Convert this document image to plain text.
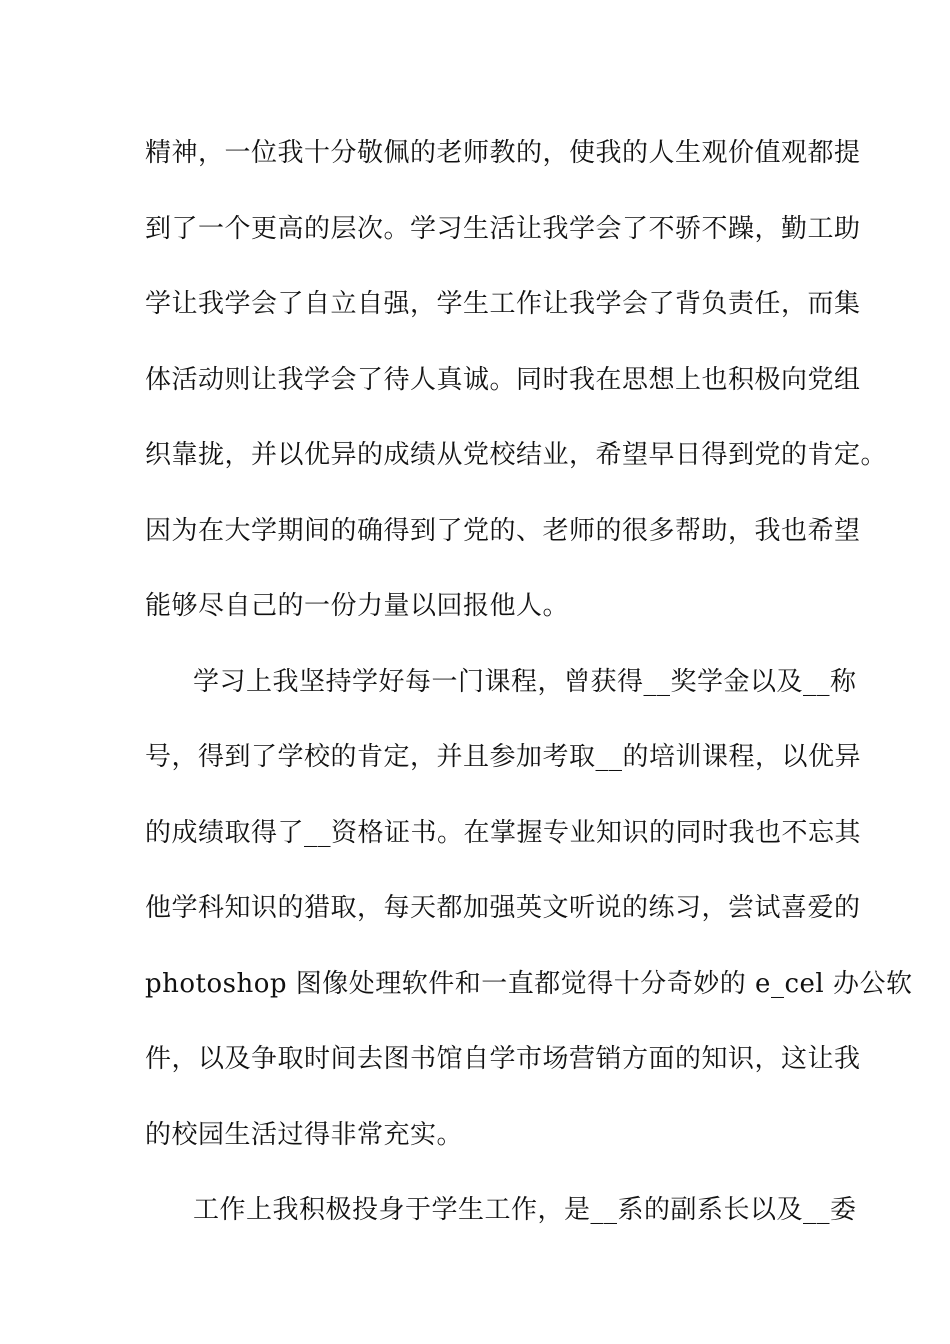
精神，一位我十分敬佩的老师教的，使我的人生观价值观都提
到了一个更高的层次。学习生活让我学会了不骄不躁，勤工助
学让我学会了自立自强，学生工作让我学会了背负责任，而集
体活动则让我学会了待人真诚。同时我在思想上也积极向党组
织靠拢，并以优异的成绩从党校结业，希望早日得到党的肯定。
因为在大学期间的确得到了党的、老师的很多帮助，我也希望
能够尽自己的一份力量以回报他人。
学习上我坚持学好每一门课程，曾获得__奖学金以及__称
号，得到了学校的肯定，并且参加考取__的培训课程，以优异
的成绩取得了__资格证书。在掌握专业知识的同时我也不忘其
他学科知识的猎取，每天都加强英文听说的练习，尝试喜爱的
photoshop 图像处理软件和一直都觉得十分奇妙的 e_cel 办公软
件，以及争取时间去图书馆自学市场营销方面的知识，这让我
的校园生活过得非常充实。
工作上我积极投身于学生工作，是__系的副系长以及__委
